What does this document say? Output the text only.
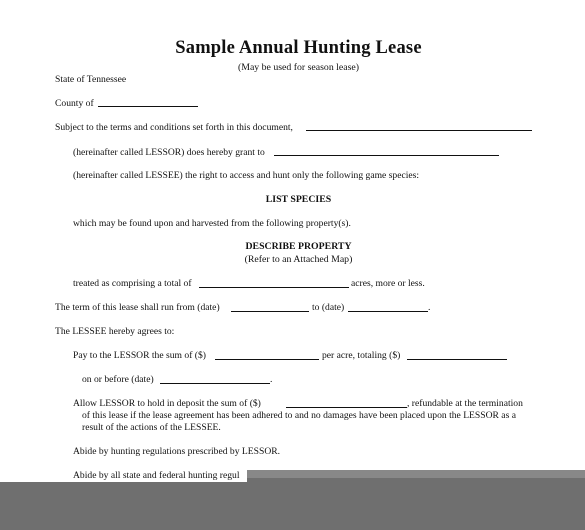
Sample Annual Hunting Lease
(May be used for season lease)
State of Tennessee
County of
Subject to the terms and conditions set forth in this document,
(hereinafter called LESSOR) does hereby grant to
(hereinafter called LESSEE) the right to access and hunt only the following game species:
LIST SPECIES
which may be found upon and harvested from the following property(s).
DESCRIBE PROPERTY
(Refer to an Attached Map)
treated as comprising a total of	acres, more or less.
The term of this lease shall run from (date)	to (date)	.
The LESSEE hereby agrees to:
Pay to the LESSOR the sum of ($)	per acre, totaling ($)
on or before (date)	.
Allow LESSOR to hold in deposit the sum of ($)	, refundable at the termination
of this lease if the lease agreement has been adhered to and no damages have been placed upon the LESSOR as a
result of the actions of the LESSEE.
Abide by hunting regulations prescribed by LESSOR.
Abide by all state and federal hunting regul
